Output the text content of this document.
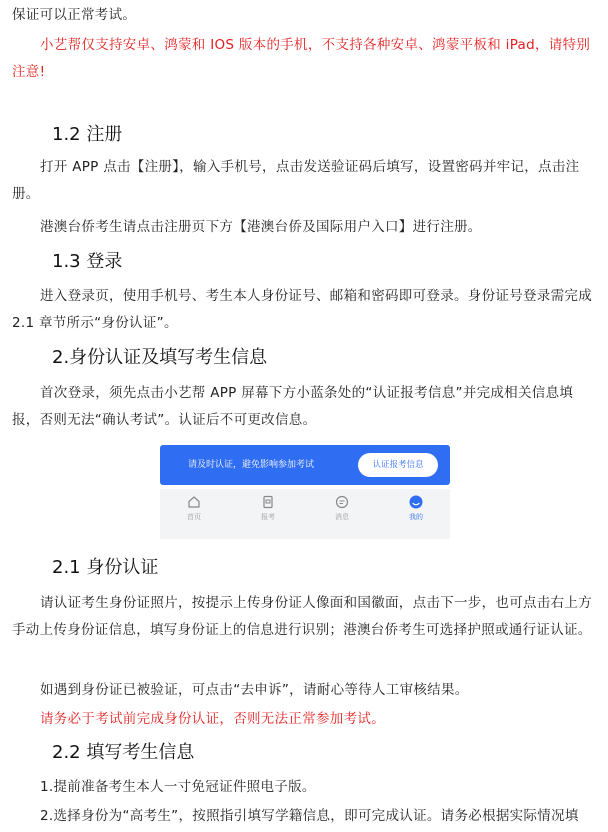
保证可以正常考试。

小艺帮仅支持安卓、鸿蒙和 IOS 版本的手机，不支持各种安卓、鸿蒙平板和 iPad，请特别注意!

1.2 注册

打开 APP 点击【注册】，输入手机号，点击发送验证码后填写，设置密码并牢记，点击注册。

港澳台侨考生请点击注册页下方【港澳台侨及国际用户入口】进行注册。

1.3 登录

进入登录页，使用手机号、考生本人身份证号、邮箱和密码即可登录。身份证号登录需完成 2.1 章节所示“身份认证”。

2.身份认证及填写考生信息

首次登录，须先点击小艺帮 APP 屏幕下方小蓝条处的“认证报考信息”并完成相关信息填报，否则无法“确认考试”。认证后不可更改信息。

请及时认证，避免影响参加考试	认证报考信息
首页	报考	消息	我的

2.1 身份认证

请认证考生身份证照片，按提示上传身份证人像面和国徽面，点击下一步，也可点击右上方手动上传身份证信息，填写身份证上的信息进行识别；港澳台侨考生可选择护照或通行证认证。

如遇到身份证已被验证，可点击“去申诉”，请耐心等待人工审核结果。

请务必于考试前完成身份认证，否则无法正常参加考试。

2.2 填写考生信息

1.提前准备考生本人一寸免冠证件照电子版。

2.选择身份为“高考生”，按照指引填写学籍信息，即可完成认证。请务必根据实际情况填
